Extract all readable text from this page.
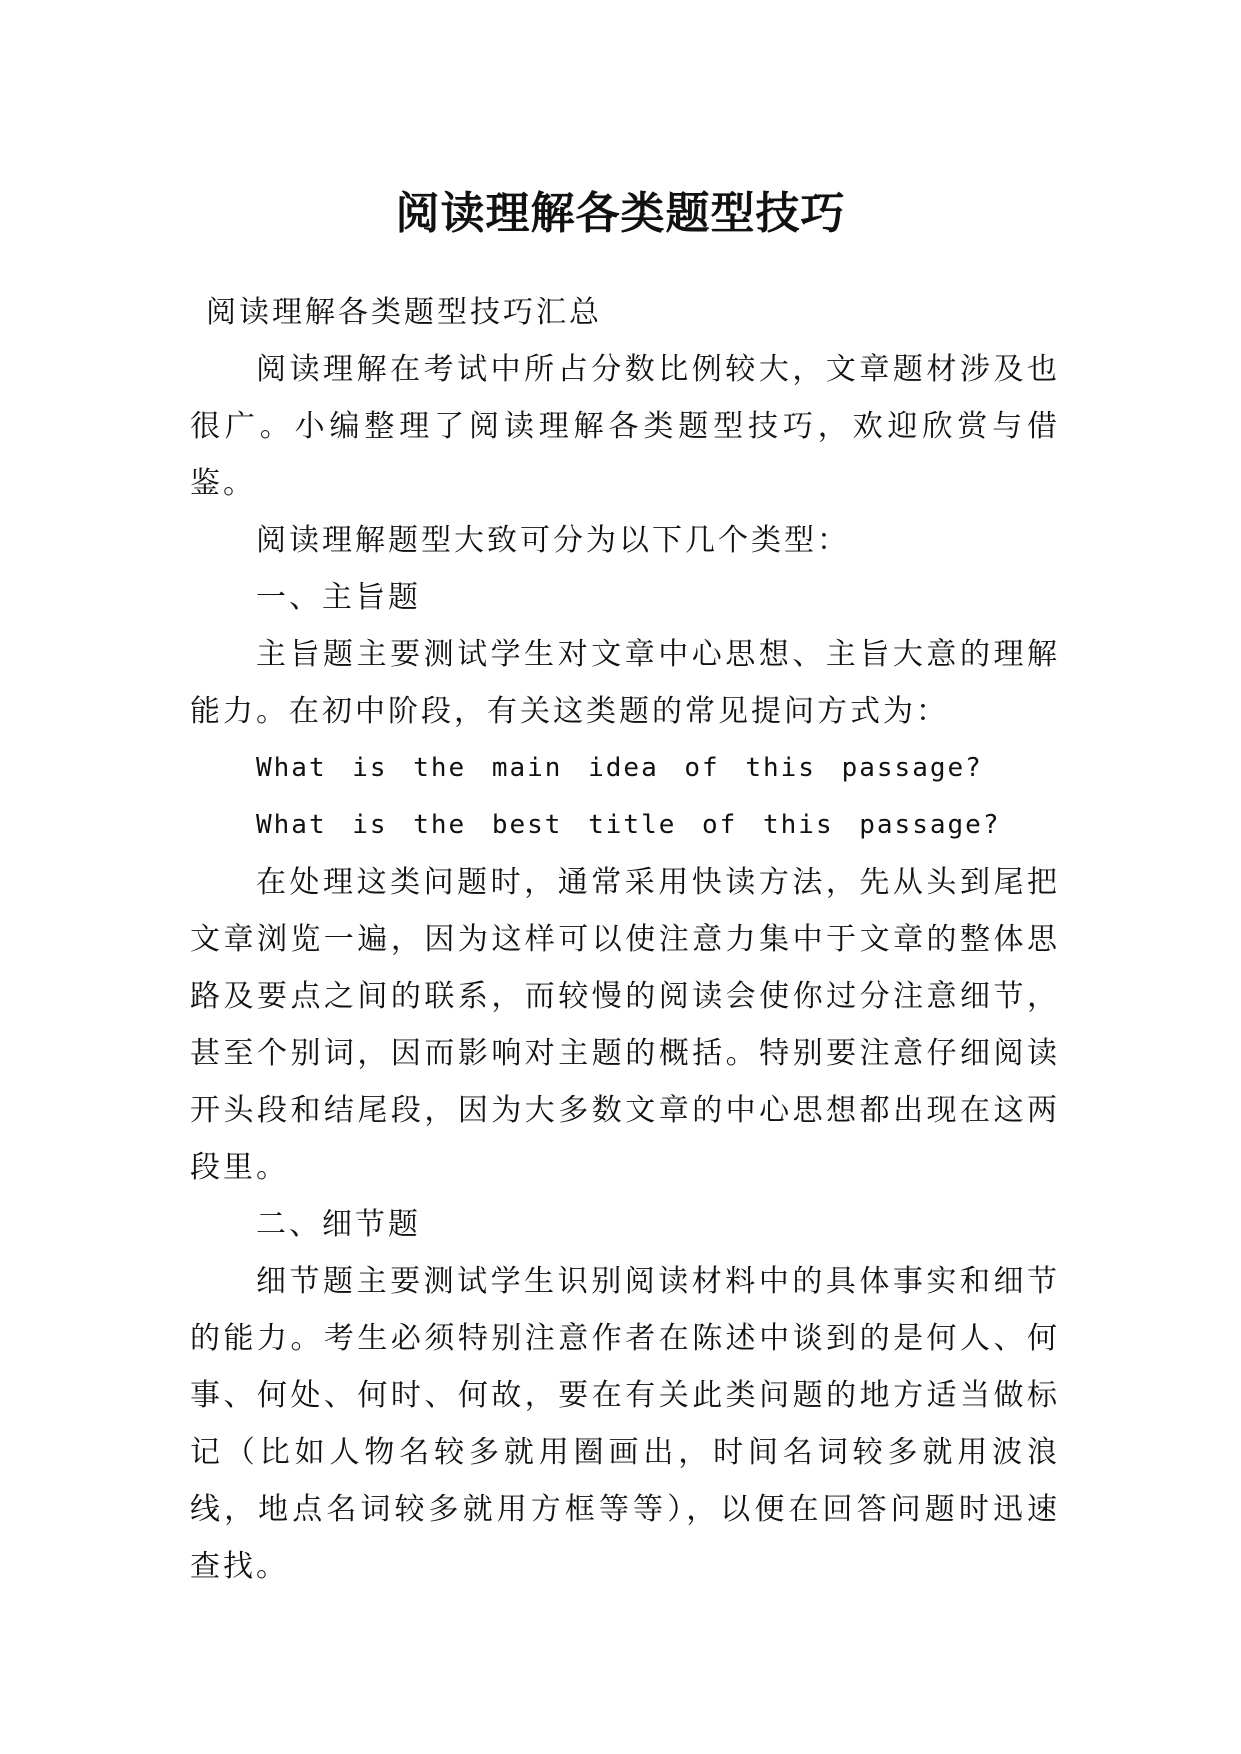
阅读理解各类题型技巧

阅读理解各类题型技巧汇总

阅读理解在考试中所占分数比例较大，文章题材涉及也很广。小编整理了阅读理解各类题型技巧，欢迎欣赏与借鉴。

阅读理解题型大致可分为以下几个类型：

一、主旨题

主旨题主要测试学生对文章中心思想、主旨大意的理解能力。在初中阶段，有关这类题的常见提问方式为：

What is the main idea of this passage?

What is the best title of this passage?

在处理这类问题时，通常采用快读方法，先从头到尾把文章浏览一遍，因为这样可以使注意力集中于文章的整体思路及要点之间的联系，而较慢的阅读会使你过分注意细节，甚至个别词，因而影响对主题的概括。特别要注意仔细阅读开头段和结尾段，因为大多数文章的中心思想都出现在这两段里。

二、细节题

细节题主要测试学生识别阅读材料中的具体事实和细节的能力。考生必须特别注意作者在陈述中谈到的是何人、何事、何处、何时、何故，要在有关此类问题的地方适当做标记（比如人物名较多就用圈画出，时间名词较多就用波浪线，地点名词较多就用方框等等），以便在回答问题时迅速查找。
